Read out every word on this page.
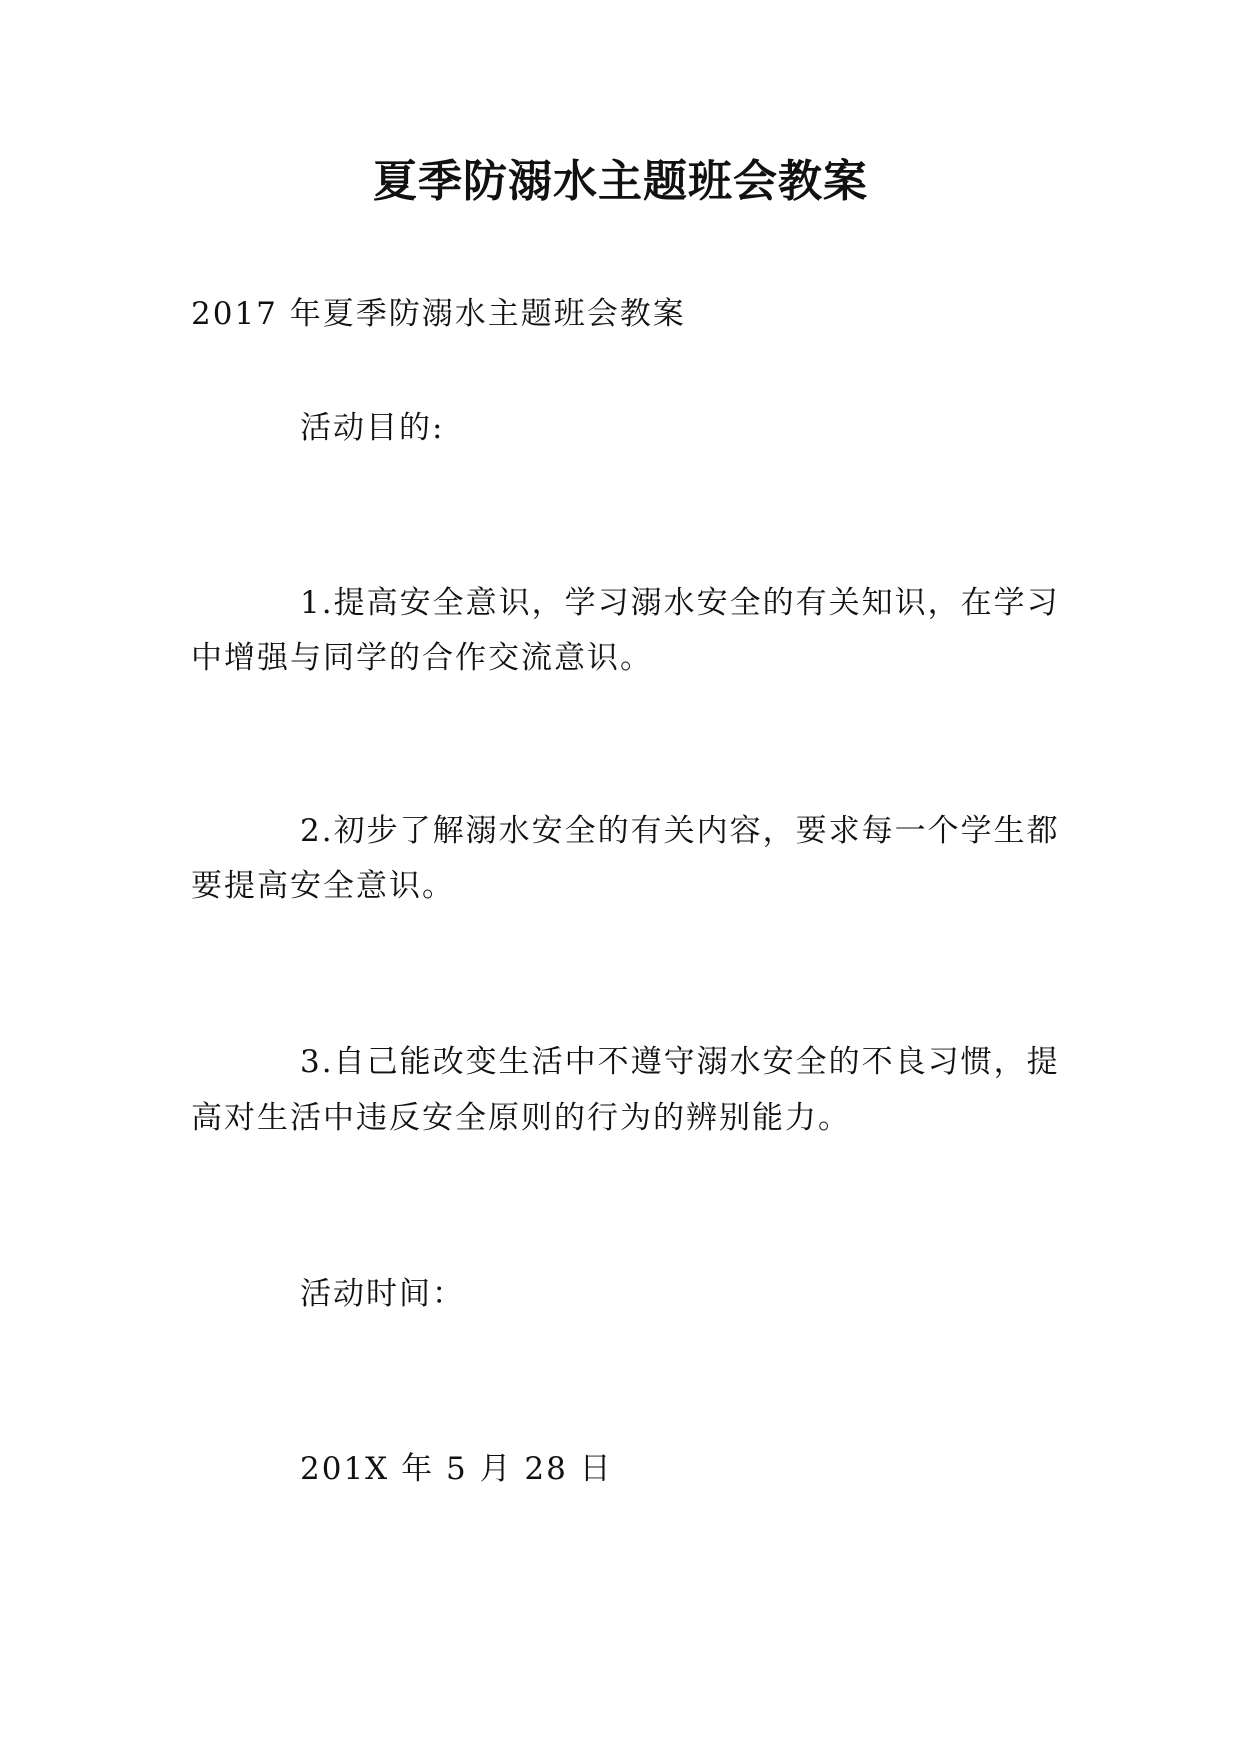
夏季防溺水主题班会教案

2017 年夏季防溺水主题班会教案

活动目的:

1.提高安全意识，学习溺水安全的有关知识，在学习

中增强与同学的合作交流意识。

2.初步了解溺水安全的有关内容，要求每一个学生都

要提高安全意识。

3.自己能改变生活中不遵守溺水安全的不良习惯，提

高对生活中违反安全原则的行为的辨别能力。

活动时间：

201X 年 5 月 28 日
